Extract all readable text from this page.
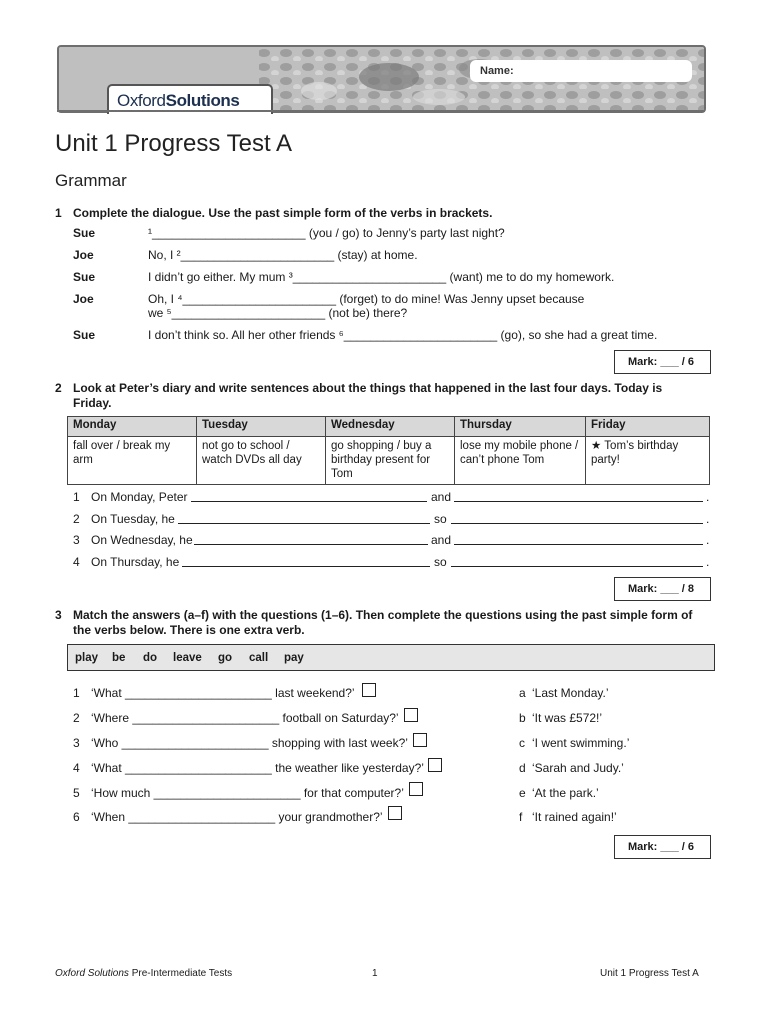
Name:
OxfordSolutions
Unit 1 Progress Test A
Grammar
1 Complete the dialogue. Use the past simple form of the verbs in brackets.
Sue	¹_______________________ (you / go) to Jenny’s party last night?
Joe	No, I ²_______________________ (stay) at home.
Sue	I didn’t go either. My mum ³_______________________ (want) me to do my homework.
Joe	Oh, I ⁴_______________________ (forget) to do mine! Was Jenny upset because
we ⁵_______________________ (not be) there?
Sue	I don’t think so. All her other friends ⁶_______________________ (go), so she had a great time.
Mark: ___ / 6
2 Look at Peter’s diary and write sentences about the things that happened in the last four days. Today is Friday.
Monday	Tuesday	Wednesday	Thursday	Friday
fall over / break my arm	not go to school / watch DVDs all day	go shopping / buy a birthday present for Tom	lose my mobile phone / can’t phone Tom	★ Tom’s birthday party!
1 On Monday, Peter	and	.
2 On Tuesday, he	so	.
3 On Wednesday, he	and	.
4 On Thursday, he	so	.
Mark: ___ / 8
3 Match the answers (a–f) with the questions (1–6). Then complete the questions using the past simple form of the verbs below. There is one extra verb.
play be do leave go call pay
1 ‘What ______________________ last weekend?’
2 ‘Where ______________________ football on Saturday?’
3 ‘Who ______________________ shopping with last week?’
4 ‘What ______________________ the weather like yesterday?’
5 ‘How much ______________________ for that computer?’
6 ‘When ______________________ your grandmother?’
a ‘Last Monday.’
b ‘It was £572!’
c ‘I went swimming.’
d ‘Sarah and Judy.’
e ‘At the park.’
f ‘It rained again!’
Mark: ___ / 6
Oxford Solutions Pre-Intermediate Tests	1	Unit 1 Progress Test A
